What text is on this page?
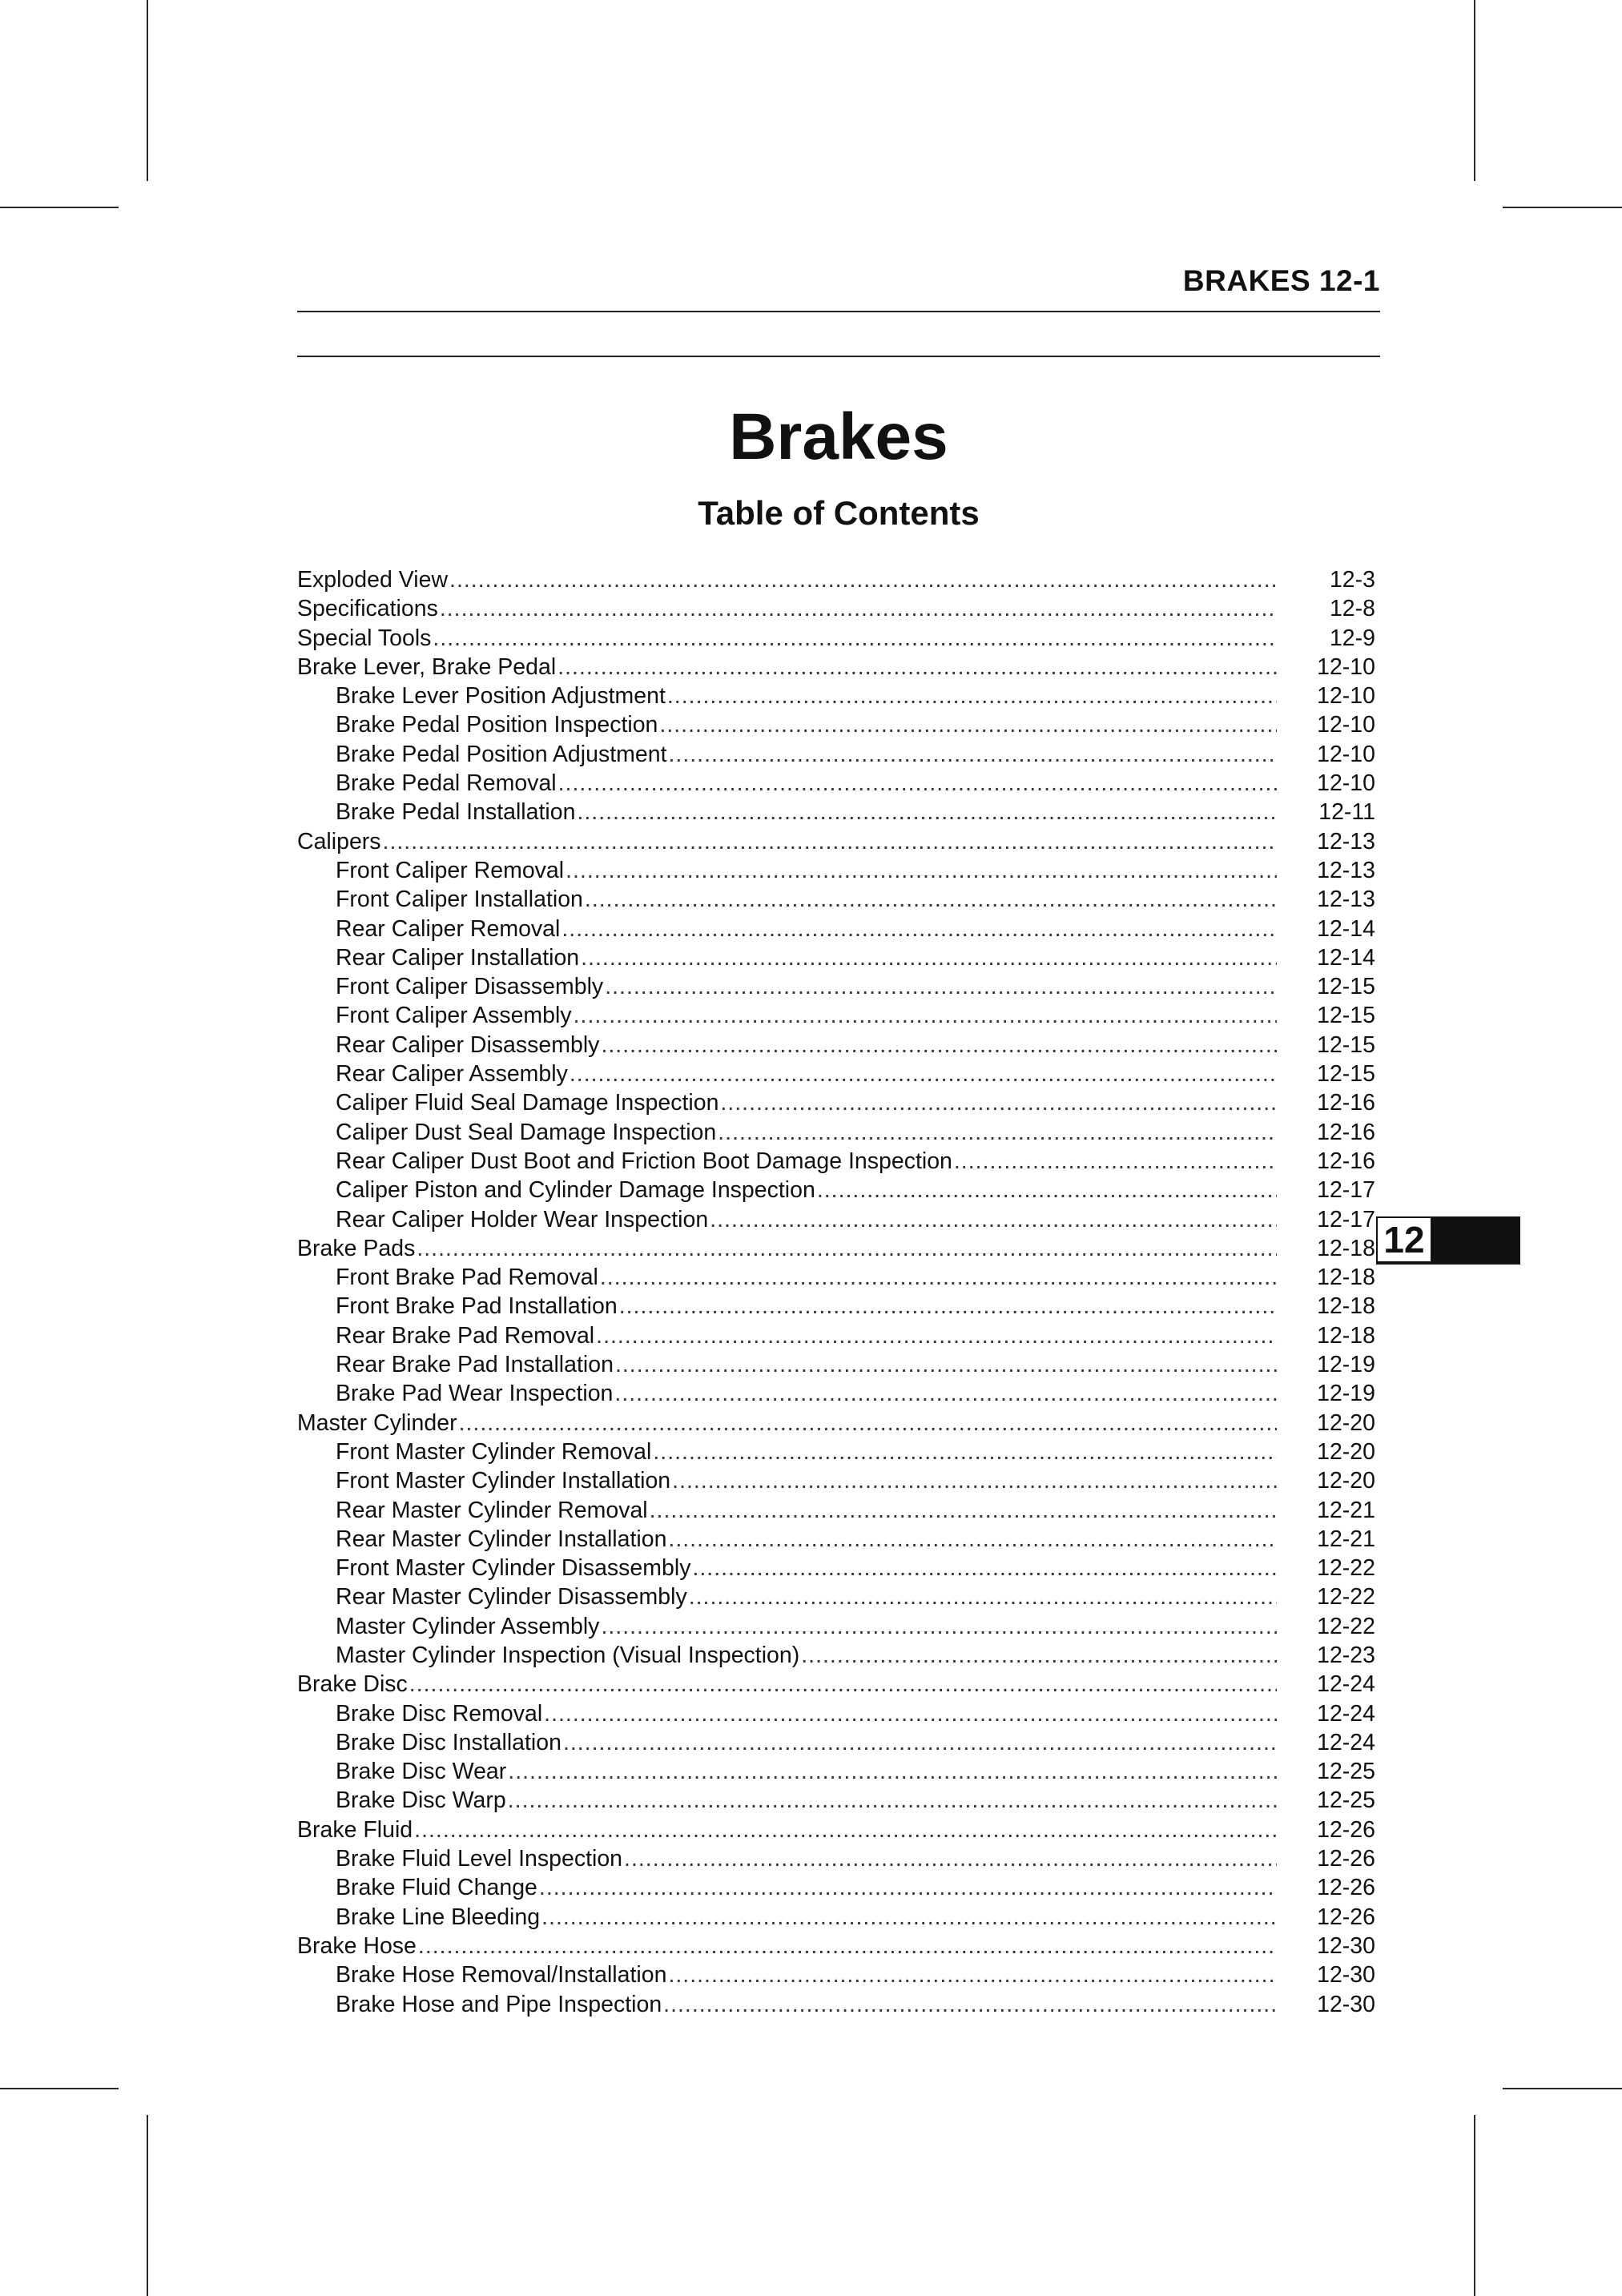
BRAKES 12-1
Brakes
Table of Contents
Exploded View .....	12-3
Specifications .....	12-8
Special Tools .....	12-9
Brake Lever, Brake Pedal .....	12-10
Brake Lever Position Adjustment .....	12-10
Brake Pedal Position Inspection .....	12-10
Brake Pedal Position Adjustment .....	12-10
Brake Pedal Removal .....	12-10
Brake Pedal Installation .....	12-11
Calipers .....	12-13
Front Caliper Removal .....	12-13
Front Caliper Installation .....	12-13
Rear Caliper Removal .....	12-14
Rear Caliper Installation .....	12-14
Front Caliper Disassembly .....	12-15
Front Caliper Assembly .....	12-15
Rear Caliper Disassembly .....	12-15
Rear Caliper Assembly .....	12-15
Caliper Fluid Seal Damage Inspection .....	12-16
Caliper Dust Seal Damage Inspection .....	12-16
Rear Caliper Dust Boot and Friction Boot Damage Inspection .....	12-16
Caliper Piston and Cylinder Damage Inspection .....	12-17
Rear Caliper Holder Wear Inspection .....	12-17
Brake Pads .....	12-18
Front Brake Pad Removal .....	12-18
Front Brake Pad Installation .....	12-18
Rear Brake Pad Removal .....	12-18
Rear Brake Pad Installation .....	12-19
Brake Pad Wear Inspection .....	12-19
Master Cylinder .....	12-20
Front Master Cylinder Removal .....	12-20
Front Master Cylinder Installation .....	12-20
Rear Master Cylinder Removal .....	12-21
Rear Master Cylinder Installation .....	12-21
Front Master Cylinder Disassembly .....	12-22
Rear Master Cylinder Disassembly .....	12-22
Master Cylinder Assembly .....	12-22
Master Cylinder Inspection (Visual Inspection) .....	12-23
Brake Disc .....	12-24
Brake Disc Removal .....	12-24
Brake Disc Installation .....	12-24
Brake Disc Wear .....	12-25
Brake Disc Warp .....	12-25
Brake Fluid .....	12-26
Brake Fluid Level Inspection .....	12-26
Brake Fluid Change .....	12-26
Brake Line Bleeding .....	12-26
Brake Hose .....	12-30
Brake Hose Removal/Installation .....	12-30
Brake Hose and Pipe Inspection .....	12-30
12
